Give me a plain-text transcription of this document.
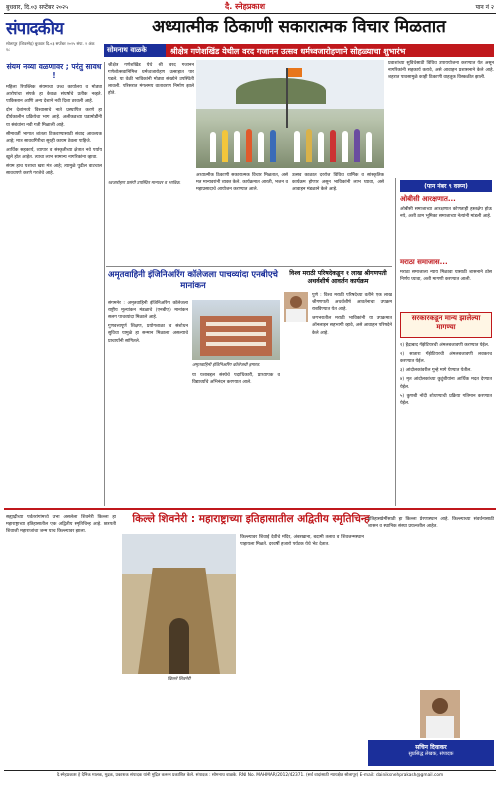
बुधवार, दि.०३ सप्टेंबर २०२५	दै. स्नेहप्रकाश	पान नं २
संपादकीय
सोलापूर (शिवस्नेह) बुधवार दि.०३ सप्टेंबर २०२५ संपा. २ अंक १८
अध्यात्मीक ठिकाणी सकारात्मक विचार मिळतात
सोमनाथ वाळके	श्रीक्षेत्र गणेशखिंड येथील वरद गजानन उत्सव धर्मध्वजारोहणाने सोहळ्याचा शुभारंभ
संयम नव्या वळणावर ; परंतु सावध !

महिला रिपब्लिक संयमाचा उच्च कार्यालय व मोठ्या आरोपांचा संपर्क हा केवळ संघर्षाचे प्रतीक नव्हते. पाकिस्तान आणि अन्य देशाने नवी दिशा ठरवली आहे.

दोन देशांमध्ये विश्वासाचे नाते प्रस्थापित करणे हा दीर्घकालीन प्रक्रियेचा भाग आहे. अलीकडच्या घडामोडींनी या संबंधांना नवी गती मिळाली आहे.

सीमावर्ती भागात शांतता टिकवण्यासाठी संवाद आवश्यक आहे; मात्र सावधगिरीचा सूरही कायम ठेवला पाहिजे.

आर्थिक सहकार्य, व्यापार व संस्कृतीच्या क्षेत्रात नवे पर्याय खुले होत आहेत. त्याचा लाभ सामान्य नागरिकांना व्हावा.

संयम हाच यशाचा खरा मंत्र आहे; त्यामुळे पुढील वाटचाल सावधपणे करणे गरजेचे आहे.

श्रीक्षेत्र गणेशखिंड येथे श्री वरद गजानन गणेशोत्सवानिमित्त धर्मध्वजारोहण उत्साहात पार पडले. या वेळी भाविकांनी मोठ्या संख्येने उपस्थिती लावली. परिसरात मंगलमय वातावरण निर्माण झाले होते.

प्रवाशांच्या सुविधेसाठी विविध उपाययोजना करण्यात येत असून नागरिकांनी सहकार्य करावे, असे आवाहन प्रशासनाने केले आहे. शहरात पावसामुळे काही ठिकाणी वाहतूक विस्कळीत झाली.

अध्यात्मीक ठिकाणी सकारात्मक विचार मिळतात, असे मत मान्यवरांनी व्यक्त केले. कार्यक्रमात आरती, भजन व महाप्रसादाचे आयोजन करण्यात आले.

उत्सव काळात दररोज विविध धार्मिक व सांस्कृतिक कार्यक्रम होणार असून भाविकांनी लाभ घ्यावा, असे आवाहन मंडळाने केले आहे.

ध्वजारोहण प्रसंगी उपस्थित मान्यवर व भाविक.
अमृतवाहिनी इंजिनिअरिंग कॉलेजला पाचव्यांदा एनबीएचे मानांकन

संगमनेर : अमृतवाहिनी इंजिनिअरिंग कॉलेजला राष्ट्रीय मूल्यांकन मंडळाचे (एनबीए) मानांकन सलग पाचव्यांदा मिळाले आहे.

गुणवत्तापूर्ण शिक्षण, प्रयोगशाळा व संशोधन सुविधा यामुळे हा सन्मान मिळाला असल्याचे प्राचार्यांनी सांगितले.

अमृतवाहिनी इंजिनिअरिंग कॉलेजची इमारत.

या यशाबद्दल संस्थेचे पदाधिकारी, प्राध्यापक व विद्यार्थ्यांचे अभिनंदन करण्यात आले.

विश्व मराठी परिषदेकडून १ लाख श्रीगणपती अथर्वशीर्ष आवर्तन कार्यक्रम

पुणे : विश्व मराठी परिषदेच्या वतीने एक लाख श्रीगणपती अथर्वशीर्ष आवर्तनाचा उपक्रम राबविण्यात येत आहे.

जगभरातील मराठी भाविकांनी या उपक्रमात ऑनलाइन सहभागी व्हावे, असे आवाहन परिषदेने केले आहे.

(पान नंबर ९ वरून)
ओबीसी आरक्षणात...

ओबीसी समाजाच्या आरक्षणात कोणताही हस्तक्षेप होऊ नये, अशी ठाम भूमिका समाजाच्या नेत्यांनी मांडली आहे.

मराठा समाजास...

मराठा समाजाला न्याय मिळावा यासाठी शासनाने ठोस निर्णय घ्यावा, अशी मागणी करण्यात आली.

सरकारकडून मान्य झालेल्या मागण्या

१) हैद्राबाद गॅझेटियरची अंमलबजावणी करण्यात येईल.

२) सातारा गॅझेटियरची अंमलबजावणी लवकरच करण्यात येईल.

३) आंदोलकांवरील गुन्हे मागे घेण्यात येतील.

४) मृत आंदोलकांच्या कुटुंबीयांना आर्थिक मदत देण्यात येईल.

५) कुणबी नोंदी शोधण्याची प्रक्रिया गतिमान करण्यात येईल.

किल्ले शिवनेरी : महाराष्ट्राच्या इतिहासातील अद्वितीय स्मृतिचिन्ह

सह्याद्रीच्या पर्वतरांगांमध्ये उभा असलेला शिवनेरी किल्ला हा महाराष्ट्राच्या इतिहासातील एक अद्वितीय स्मृतिचिन्ह आहे. छत्रपती शिवाजी महाराजांचा जन्म याच किल्ल्यावर झाला.

किल्ले शिवनेरी

किल्ल्यावर शिवाई देवीचे मंदिर, अंबरखाना, बदामी तलाव व शिवजन्मस्थान पाहायला मिळते. दरवर्षी हजारो पर्यटक येथे भेट देतात.

इतिहासप्रेमींसाठी हा किल्ला प्रेरणास्थान आहे. किल्ल्याच्या संवर्धनासाठी शासन व स्थानिक संस्था प्रयत्नशील आहेत.

सचिन दिवाकर
सुप्रसिद्ध लेखक, संपादक
दै.स्नेहप्रकाश हे दैनिक मालक, मुद्रक, प्रकाशक संपादक यांनी मुद्रित करून प्रकाशित केले. संपादक : सोमनाथ वाळके. RNI No. MAHMAR/2012/42371. (सर्व वादांसाठी न्यायक्षेत्र सोलापूर) E-mail: dainiksnehprakash@gmail.com
